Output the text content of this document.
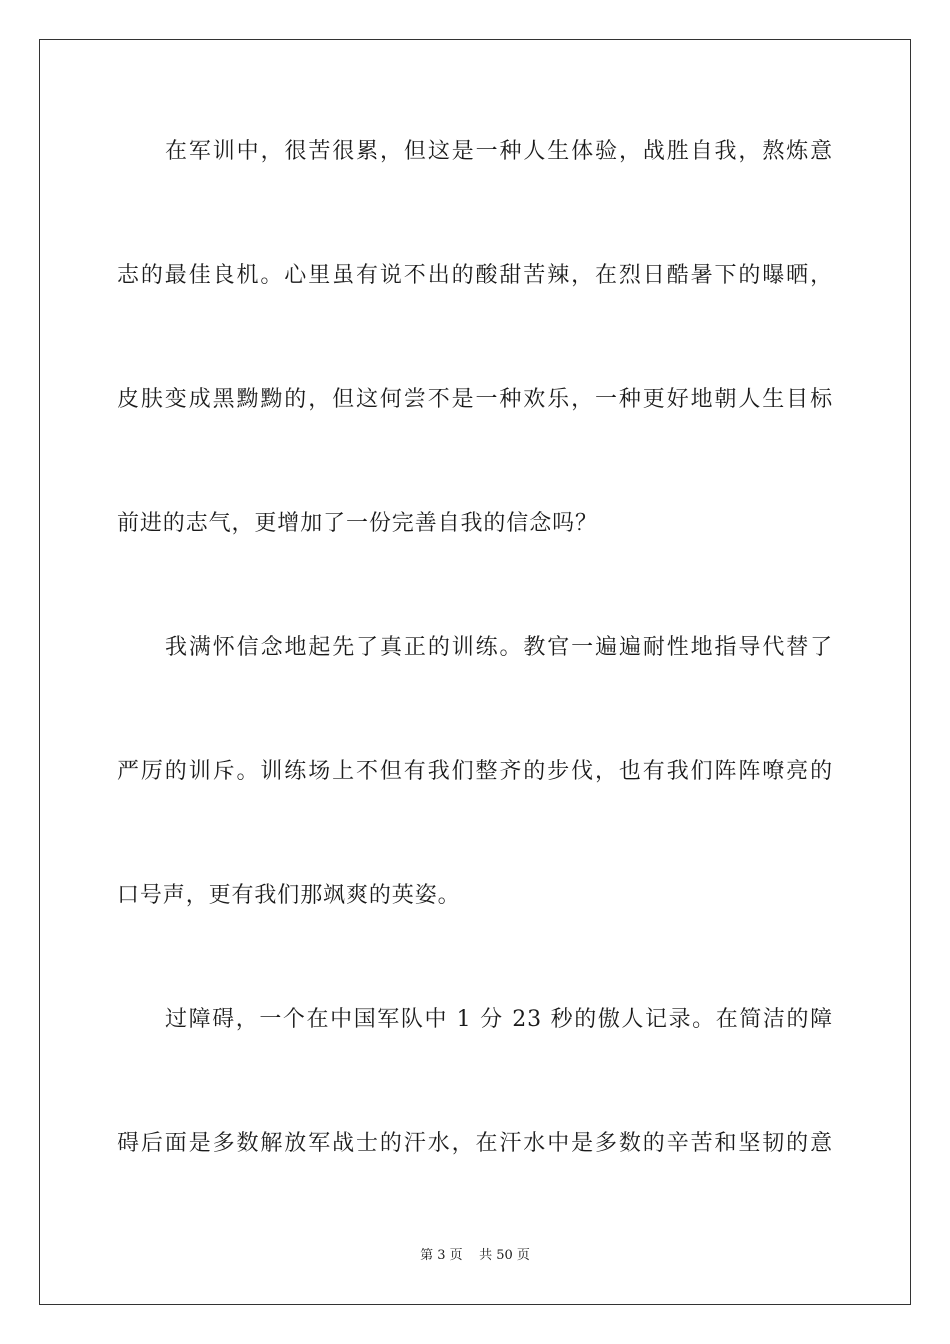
在军训中，很苦很累，但这是一种人生体验，战胜自我，熬炼意
志的最佳良机。心里虽有说不出的酸甜苦辣，在烈日酷暑下的曝晒，
皮肤变成黑黝黝的，但这何尝不是一种欢乐，一种更好地朝人生目标
前进的志气，更增加了一份完善自我的信念吗？
我满怀信念地起先了真正的训练。教官一遍遍耐性地指导代替了
严厉的训斥。训练场上不但有我们整齐的步伐，也有我们阵阵嘹亮的
口号声，更有我们那飒爽的英姿。
过障碍，一个在中国军队中 1 分 23 秒的傲人记录。在简洁的障
碍后面是多数解放军战士的汗水，在汗水中是多数的辛苦和坚韧的意
第 3 页    共 50 页
